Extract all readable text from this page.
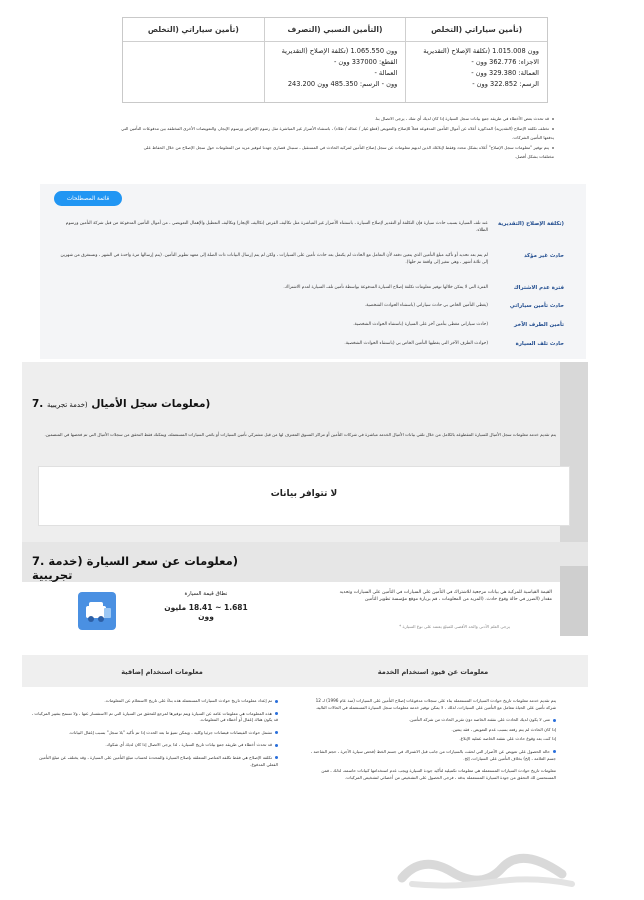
(تأمين سياراتي (التخلص
وون 1.015.008 (تكلفة الإصلاح (التقديرية
الاجزاء: 362.776 وون -
العمالة: 329.380 وون -
الرسم: 322.852 وون -
(التأمين النسبي (التصرف
وون 1.065.550 (تكلفة الإصلاح (التقديرية
القطع: 337000 وون -
العمالة -
وون - الرسم: 485.350 وون 243.200
(تأمين سياراتي (التخلص

قد تحدث بعض الأخطاء في طريقة جمع بيانات سجل السيارة إذا كان لديك أي شك ، يرجى الاتصال بنا.

تختلف تكلفة الإصلاح (التقديرية) المذكورة أعلاه عن أموال التأمين المدفوعة فعلاً للإصلاح والتعويض (قطع غيار / عمالة / طلاء) ، باستثناء الأضرار غير المباشرة مثل رسوم الإقراض ورسوم الإيجار، والتعويضات الأخرى المختلفة بين مدفوعات التأمين التي

يدفعها التأمين الشركات.

يتم توفير "معلومات سجل الإصلاح" أعلاه بشكل محدد وفقط لإبلاغك الذين لديهم معلومات عن سجل إصلاح التأمين لمركبة الحادث في المستقبل ، سنبذل قصارى جهدنا لتوفير مزيد من المعلومات حول سجل الإصلاح من خلال الحفاظ على

مختلفات بشكل أفضل.

قائمة المصطلحات
(تكلفة الإصلاح (التقديرية
عند تلف السيارة بسبب حادث سيارة فإن التكلفة أو التقدير لإصلاح السيارة ، باستثناء الأضرار غير المباشرة مثل تكاليف القرض (تكاليف الإيجار) وتكاليف التعطيل والإهمال التعويضي ، من أموال التأمين المدفوعة من قبل شركة التأمين ورسوم الطلاء.
حادث غير مؤكد
لم يتم بعد تحديد أو تأكيد مبلغ التأمين الذي يتعين دفعه لأن التعامل مع الحادث لم يكتمل بعد حادث تأمين على السيارات ، ولكن لم يتم إرسال البيانات ذات الصلة إلى معهد تطوير التأمين. (يتم إرسالها مرة واحدة في الشهر ، وتستغرق من شهرين إلى ثلاثة أشهر ، وهي تتغير إلى واقعة تم حلها).
فترة عدم الاشتراك
الفترة التي لا يمكن خلالها توفير معلومات تكلفة إصلاح السيارة المدفوعة بواسطة تأمين تلف السيارة لعدم الاشتراك.
حادث تأمين سياراتي
(يغطي التأمين الخاص بي حادث سياراتي (باستثناء الحوادث الشخصية.
تأمين الطرف الآخر
(حادث سياراتي مغطى بتأمين آخر على السيارة (باستثناء الحوادث الشخصية.
حادث تلف السيارة
(حوادث الطرف الآخر التي يغطيها التأمين الخاص بي (باستثناء الحوادث الشخصية.
7.	(معلومات سجل الأميال (خدمة تجريبية
يتم تقديم خدمة معلومات سجل الأميال للسيارة المقطوعة بالكامل من خلال تلقي بيانات الأميال الخدمة مباشرة في شركات التأمين أو مراكز التسوق المعترف لها من قبل مشتركي تأمين السيارات أو بائعي السيارات المستعملة، ويمكنك فقط التحقق من سجلات الأميال التي تم فحصها في المنضمين.
لا تتوافر بيانات
7. (معلومات عن سعر السيارة (خدمة تجريبية
القيمة القياسية للمركبة هي بيانات مرجعية للاشتراك في التأمين على السيارات في التأمين على السيارات وتحديد مقدار (الضرر في حالة وقوع حادث. (المزيد من المعلومات ، قم بزيارة موقع مؤسسة تطوير التأمين
نطاق قيمة السيارة
1.681 ~ 18.41 مليون وون
يرجى العلم الأدنى والحد الأقصى للمبلغ يعتمد على نوع السيارة *
معلومات استخدام إضافية	معلومات عن قيود استخدام الخدمة

تم إعداد معلومات تاريخ حوادث السيارات المستعملة هذه بناءً على تاريخ الاستعلام عن المعلومات.

هذه المعلومات هي معلومات عامة عن السيارة ويتم توفيرها لمرجع للتحقق من السيارة التي تم الاستفسار عنها ، ولا تسمح بتغيير المركبات ، قد يكون هناك إغفال أو أخطاء في المعلومات.

تشمل حوادث الفيضانات فيضانات جزئيا وكلية ، ويمكن تميؤ ما بعد الحدث إذا تم تأكيد "بلا سجل" بسبب إغفال البيانات.

قد تحدث أخطاء في طريقة جمع بيانات تاريخ السيارة ، لذا يرجى الاتصال إذا كان لديك أي شكوك.

تكلفة الإصلاح هي فقط تكلفة العناصر المتعلقة بإصلاح السيارة والمحددة لحساب مبلغ التأمين على السيارة ، وقد يختلف عن مبلغ التأمين الفعلي المدفوع.

يتم تقديم خدمة معلومات تاريخ حوادث السيارات المستعملة بناء على سجلات مدفوعات إصلاح التأمين على السيارات (منذ عام 1996) لـ 12 شركة تأمين على الحياة تتعامل مع التأمين على السيارات، لذلك ، لا يمكن توفير خدمة معلومات سجل السيارة المستعملة في الحالات التالية.

متى لا يكون لديك الحادث على نفقته الخاصة دون تقرير الحادث من شركة التأمين.

إذا كان الحادث لم يتم رفعه بسبب عدم التعويض ، فقد يتعين.

إذا كنت بعد وقوع حادث على نفقته الخاصة عملية الإبلاغ.

حالة الحصول على تعويض عن الأضرار التي لحقت بالسيارات من جانب قبل الاشتراك في جسم الخط (فحص سيارة الأجرة ، حجم الشاحنة ، جسم العلامة ، إلخ) بخلاف التأمين على السيارات، إلخ.

معلومات تاريخ حوادث السيارات المستعملة هي معلومات تكميلية لتأكيد جودة السيارة ويجب عدم استخدامها كبيانات حاسمة، لذلك ، فمن المستحسن لك التحقق من جودة السيارة المستعملة بدقة ، فرجى الحصول على التشخيص من أخصائي لتشخيص المركبات.
